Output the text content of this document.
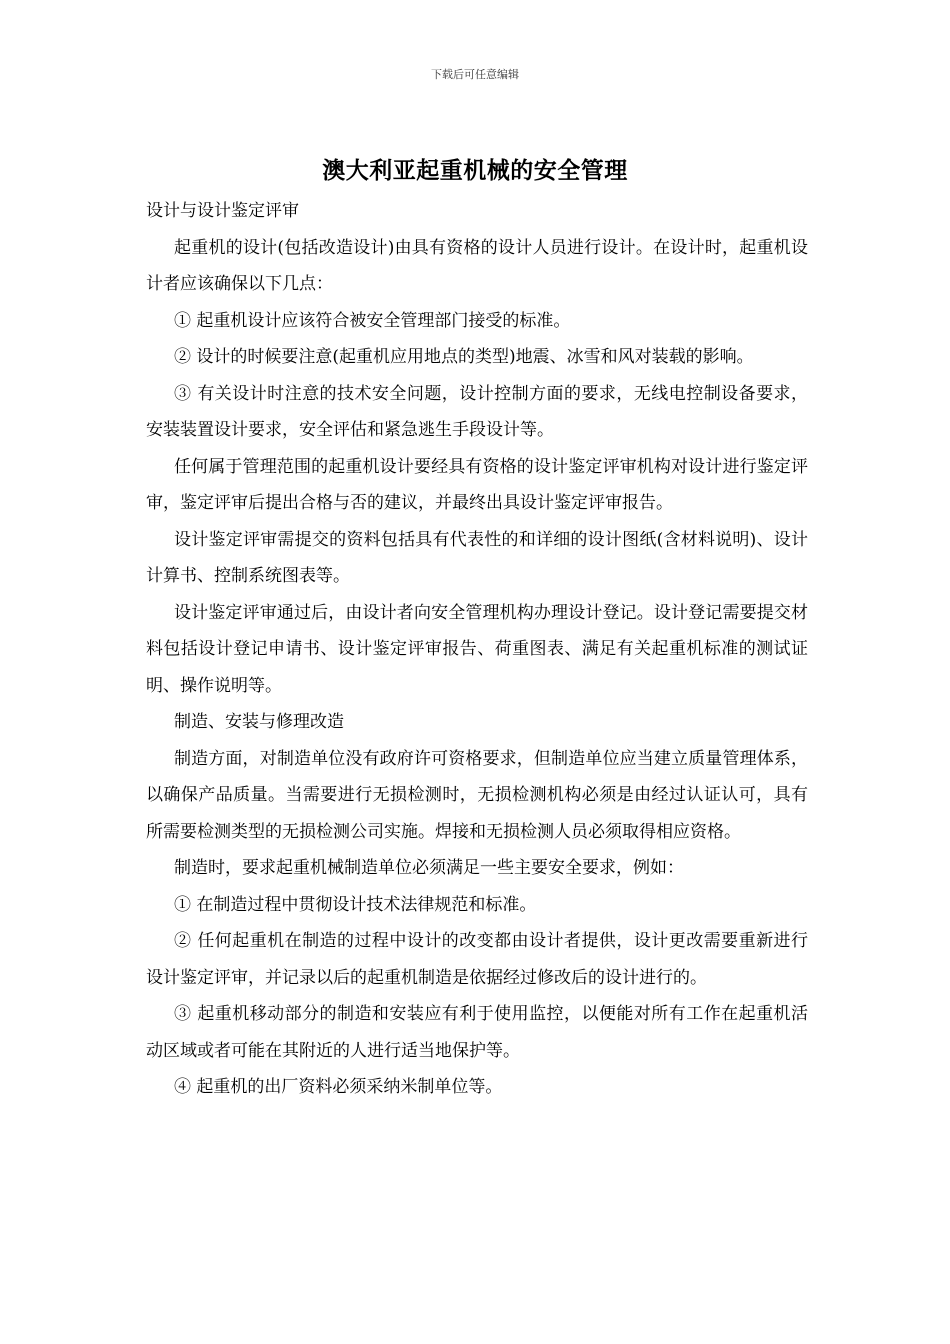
下载后可任意编辑
澳大利亚起重机械的安全管理

设计与设计鉴定评审

起重机的设计(包括改造设计)由具有资格的设计人员进行设计。在设计时，起重机设计者应该确保以下几点：

① 起重机设计应该符合被安全管理部门接受的标准。

② 设计的时候要注意(起重机应用地点的类型)地震、冰雪和风对装载的影响。

③ 有关设计时注意的技术安全问题，设计控制方面的要求，无线电控制设备要求，安装装置设计要求，安全评估和紧急逃生手段设计等。

任何属于管理范围的起重机设计要经具有资格的设计鉴定评审机构对设计进行鉴定评审，鉴定评审后提出合格与否的建议，并最终出具设计鉴定评审报告。

设计鉴定评审需提交的资料包括具有代表性的和详细的设计图纸(含材料说明)、设计计算书、控制系统图表等。

设计鉴定评审通过后，由设计者向安全管理机构办理设计登记。设计登记需要提交材料包括设计登记申请书、设计鉴定评审报告、荷重图表、满足有关起重机标准的测试证明、操作说明等。

制造、安装与修理改造

制造方面，对制造单位没有政府许可资格要求，但制造单位应当建立质量管理体系，以确保产品质量。当需要进行无损检测时，无损检测机构必须是由经过认证认可，具有所需要检测类型的无损检测公司实施。焊接和无损检测人员必须取得相应资格。

制造时，要求起重机械制造单位必须满足一些主要安全要求，例如：

① 在制造过程中贯彻设计技术法律规范和标准。

② 任何起重机在制造的过程中设计的改变都由设计者提供，设计更改需要重新进行设计鉴定评审，并记录以后的起重机制造是依据经过修改后的设计进行的。

③ 起重机移动部分的制造和安装应有利于使用监控，以便能对所有工作在起重机活动区域或者可能在其附近的人进行适当地保护等。

④ 起重机的出厂资料必须采纳米制单位等。
